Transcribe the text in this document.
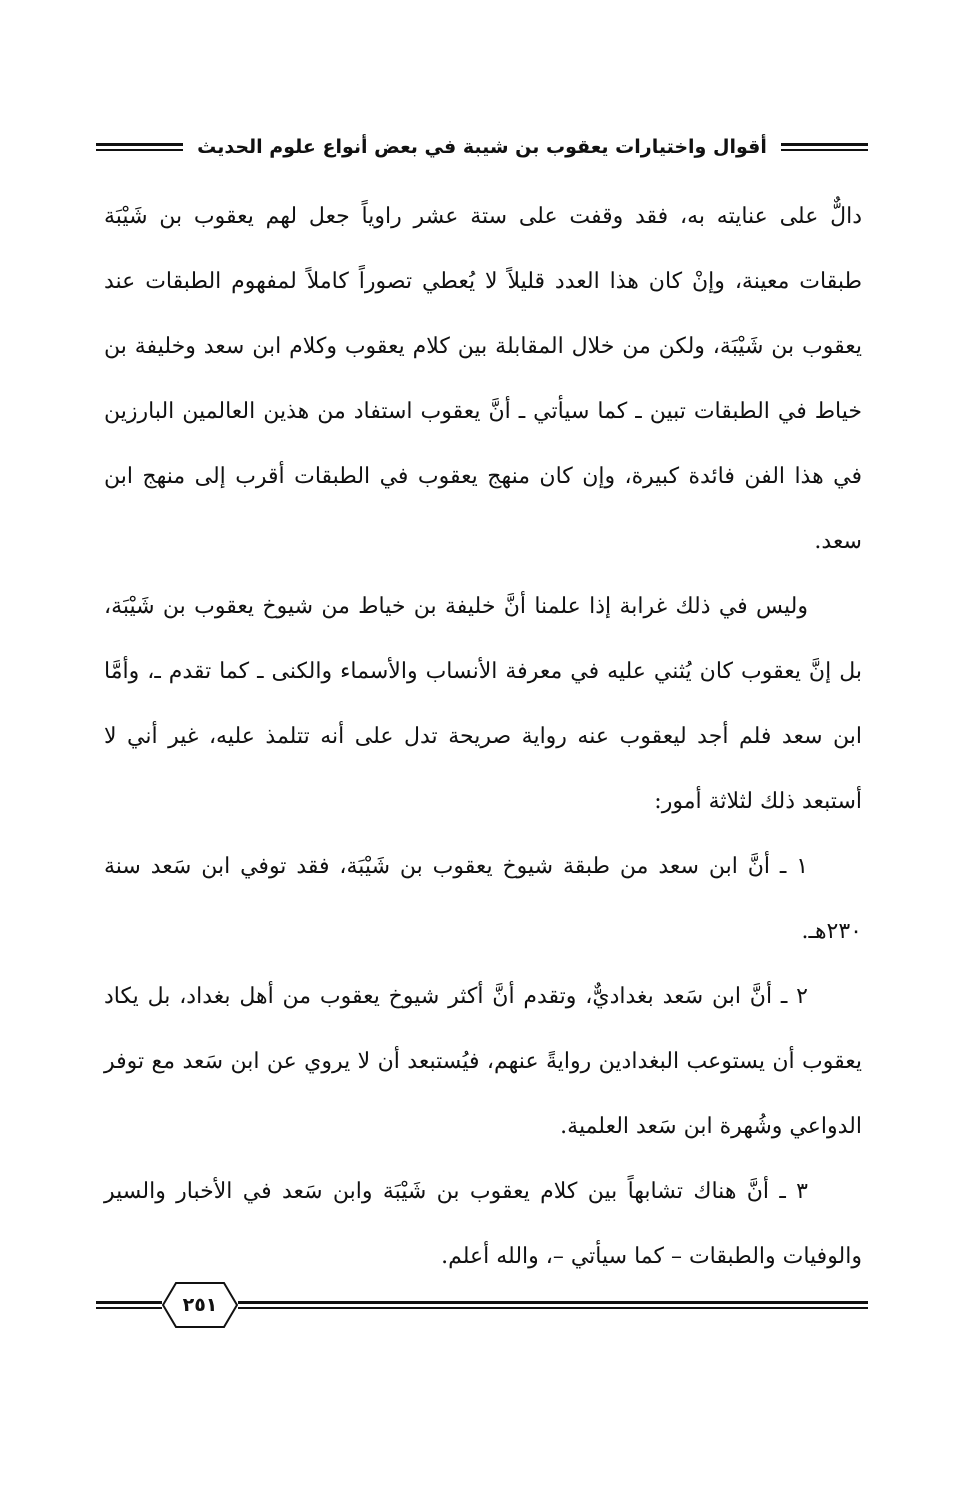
أقوال واختيارات يعقوب بن شيبة في بعض أنواع علوم الحديث

دالٌّ على عنايته به، فقد وقفت على ستة عشر راوياً جعل لهم يعقوب بن شَيْبَة طبقات معينة، وإنْ كان هذا العدد قليلاً لا يُعطي تصوراً كاملاً لمفهوم الطبقات عند يعقوب بن شَيْبَة، ولكن من خلال المقابلة بين كلام يعقوب وكلام ابن سعد وخليفة بن خياط في الطبقات تبين ـ كما سيأتي ـ أنَّ يعقوب استفاد من هذين العالمين البارزين في هذا الفن فائدة كبيرة، وإن كان منهج يعقوب في الطبقات أقرب إلى منهج ابن سعد.

وليس في ذلك غرابة إذا علمنا أنَّ خليفة بن خياط من شيوخ يعقوب بن شَيْبَة، بل إنَّ يعقوب كان يُثني عليه في معرفة الأنساب والأسماء والكنى ـ كما تقدم ـ، وأمَّا ابن سعد فلم أجد ليعقوب عنه رواية صريحة تدل على أنه تتلمذ عليه، غير أني لا أستبعد ذلك لثلاثة أمور:

١ ـ أنَّ ابن سعد من طبقة شيوخ يعقوب بن شَيْبَة، فقد توفي ابن سَعد سنة ٢٣٠هـ.

٢ ـ أنَّ ابن سَعد بغداديٌّ، وتقدم أنَّ أكثر شيوخ يعقوب من أهل بغداد، بل يكاد يعقوب أن يستوعب البغدادين روايةً عنهم، فيُستبعد أن لا يروي عن ابن سَعد مع توفر الدواعي وشُهرة ابن سَعد العلمية.

٣ ـ أنَّ هناك تشابهاً بين كلام يعقوب بن شَيْبَة وابن سَعد في الأخبار والسير والوفيات والطبقات – كما سيأتي –، والله أعلم.

٢٥١
